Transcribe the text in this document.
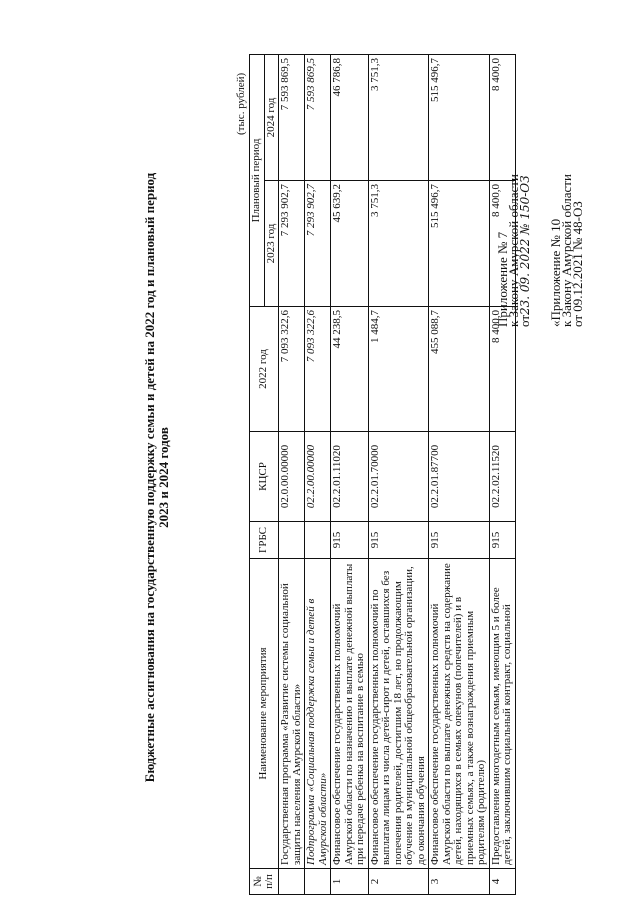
Приложение № 7
к Закону Амурской области
от23. 09. 2022 № 150-ОЗ «Приложение № 10
к Закону Амурской области
от 09.12.2021 № 48-ОЗ
Бюджетные ассигнования на государственную поддержку семьи и детей на 2022 год и плановый период
2023 и 2024 годов
(тыс. рублей)
№ п/п	Наименование мероприятия	ГРБС	КЦСР	2022 год	Плановый период	
					2023 год	2024 год
	Государственная программа «Развитие системы социальной защиты населения Амурской области»		02.0.00.00000	7 093 322,6	7 293 902,7	7 593 869,5
	Подпрограмма «Социальная поддержка семьи и детей в Амурской области»		02.2.00.00000	7 093 322,6	7 293 902,7	7 593 869,5
1	Финансовое обеспечение государственных полномочий Амурской области по назначению и выплате денежной выплаты при передаче ребенка на воспитание в семью	915	02.2.01.11020	44 238,5	45 639,2	46 786,8
2	Финансовое обеспечение государственных полномочий по выплатам лицам из числа детей-сирот и детей, оставшихся без попечения родителей, достигшим 18 лет, но продолжающим обучение в муниципальной общеобразовательной организации, до окончания обучения	915	02.2.01.70000	1 484,7	3 751,3	3 751,3
3	Финансовое обеспечение государственных полномочий Амурской области по выплате денежных средств на содержание детей, находящихся в семьях опекунов (попечителей) и в приемных семьях, а также вознаграждения приемным родителям (родителю)	915	02.2.01.87700	455 088,7	515 496,7	515 496,7
4	Предоставление многодетным семьям, имеющим 5 и более детей, заключившим социальный контракт, социальной	915	02.2.02.11520	8 400,0	8 400,0	8 400,0
